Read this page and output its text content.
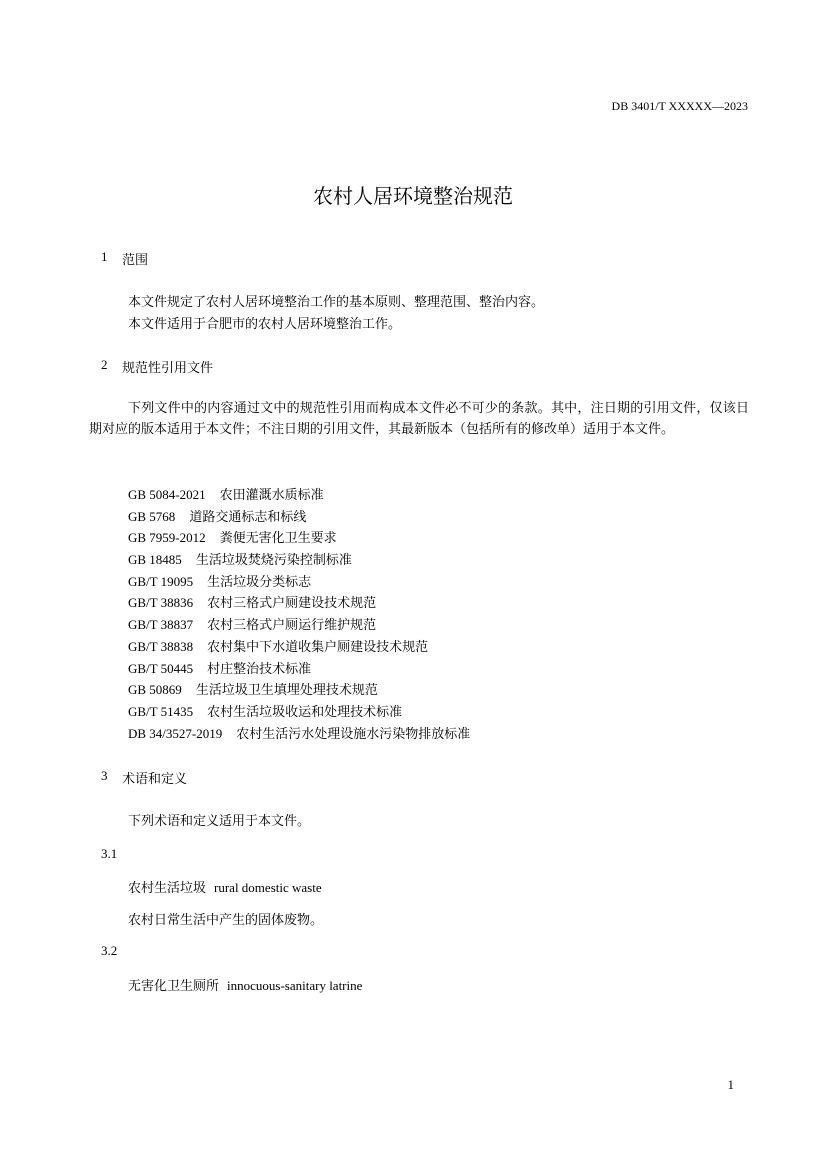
DB 3401/T XXXXX—2023
农村人居环境整治规范
1 范围
本文件规定了农村人居环境整治工作的基本原则、整理范围、整治内容。
本文件适用于合肥市的农村人居环境整治工作。
2 规范性引用文件
下列文件中的内容通过文中的规范性引用而构成本文件必不可少的条款。其中，注日期的引用文件，仅该日期对应的版本适用于本文件；不注日期的引用文件，其最新版本（包括所有的修改单）适用于本文件。
GB 5084-2021 农田灌溉水质标准
GB 5768 道路交通标志和标线
GB 7959-2012 粪便无害化卫生要求
GB 18485 生活垃圾焚烧污染控制标准
GB/T 19095 生活垃圾分类标志
GB/T 38836 农村三格式户厕建设技术规范
GB/T 38837 农村三格式户厕运行维护规范
GB/T 38838 农村集中下水道收集户厕建设技术规范
GB/T 50445 村庄整治技术标准
GB 50869 生活垃圾卫生填埋处理技术规范
GB/T 51435 农村生活垃圾收运和处理技术标准
DB 34/3527-2019 农村生活污水处理设施水污染物排放标准
3 术语和定义
下列术语和定义适用于本文件。
3.1
农村生活垃圾 rural domestic waste
农村日常生活中产生的固体废物。
3.2
无害化卫生厕所 innocuous-sanitary latrine
1
